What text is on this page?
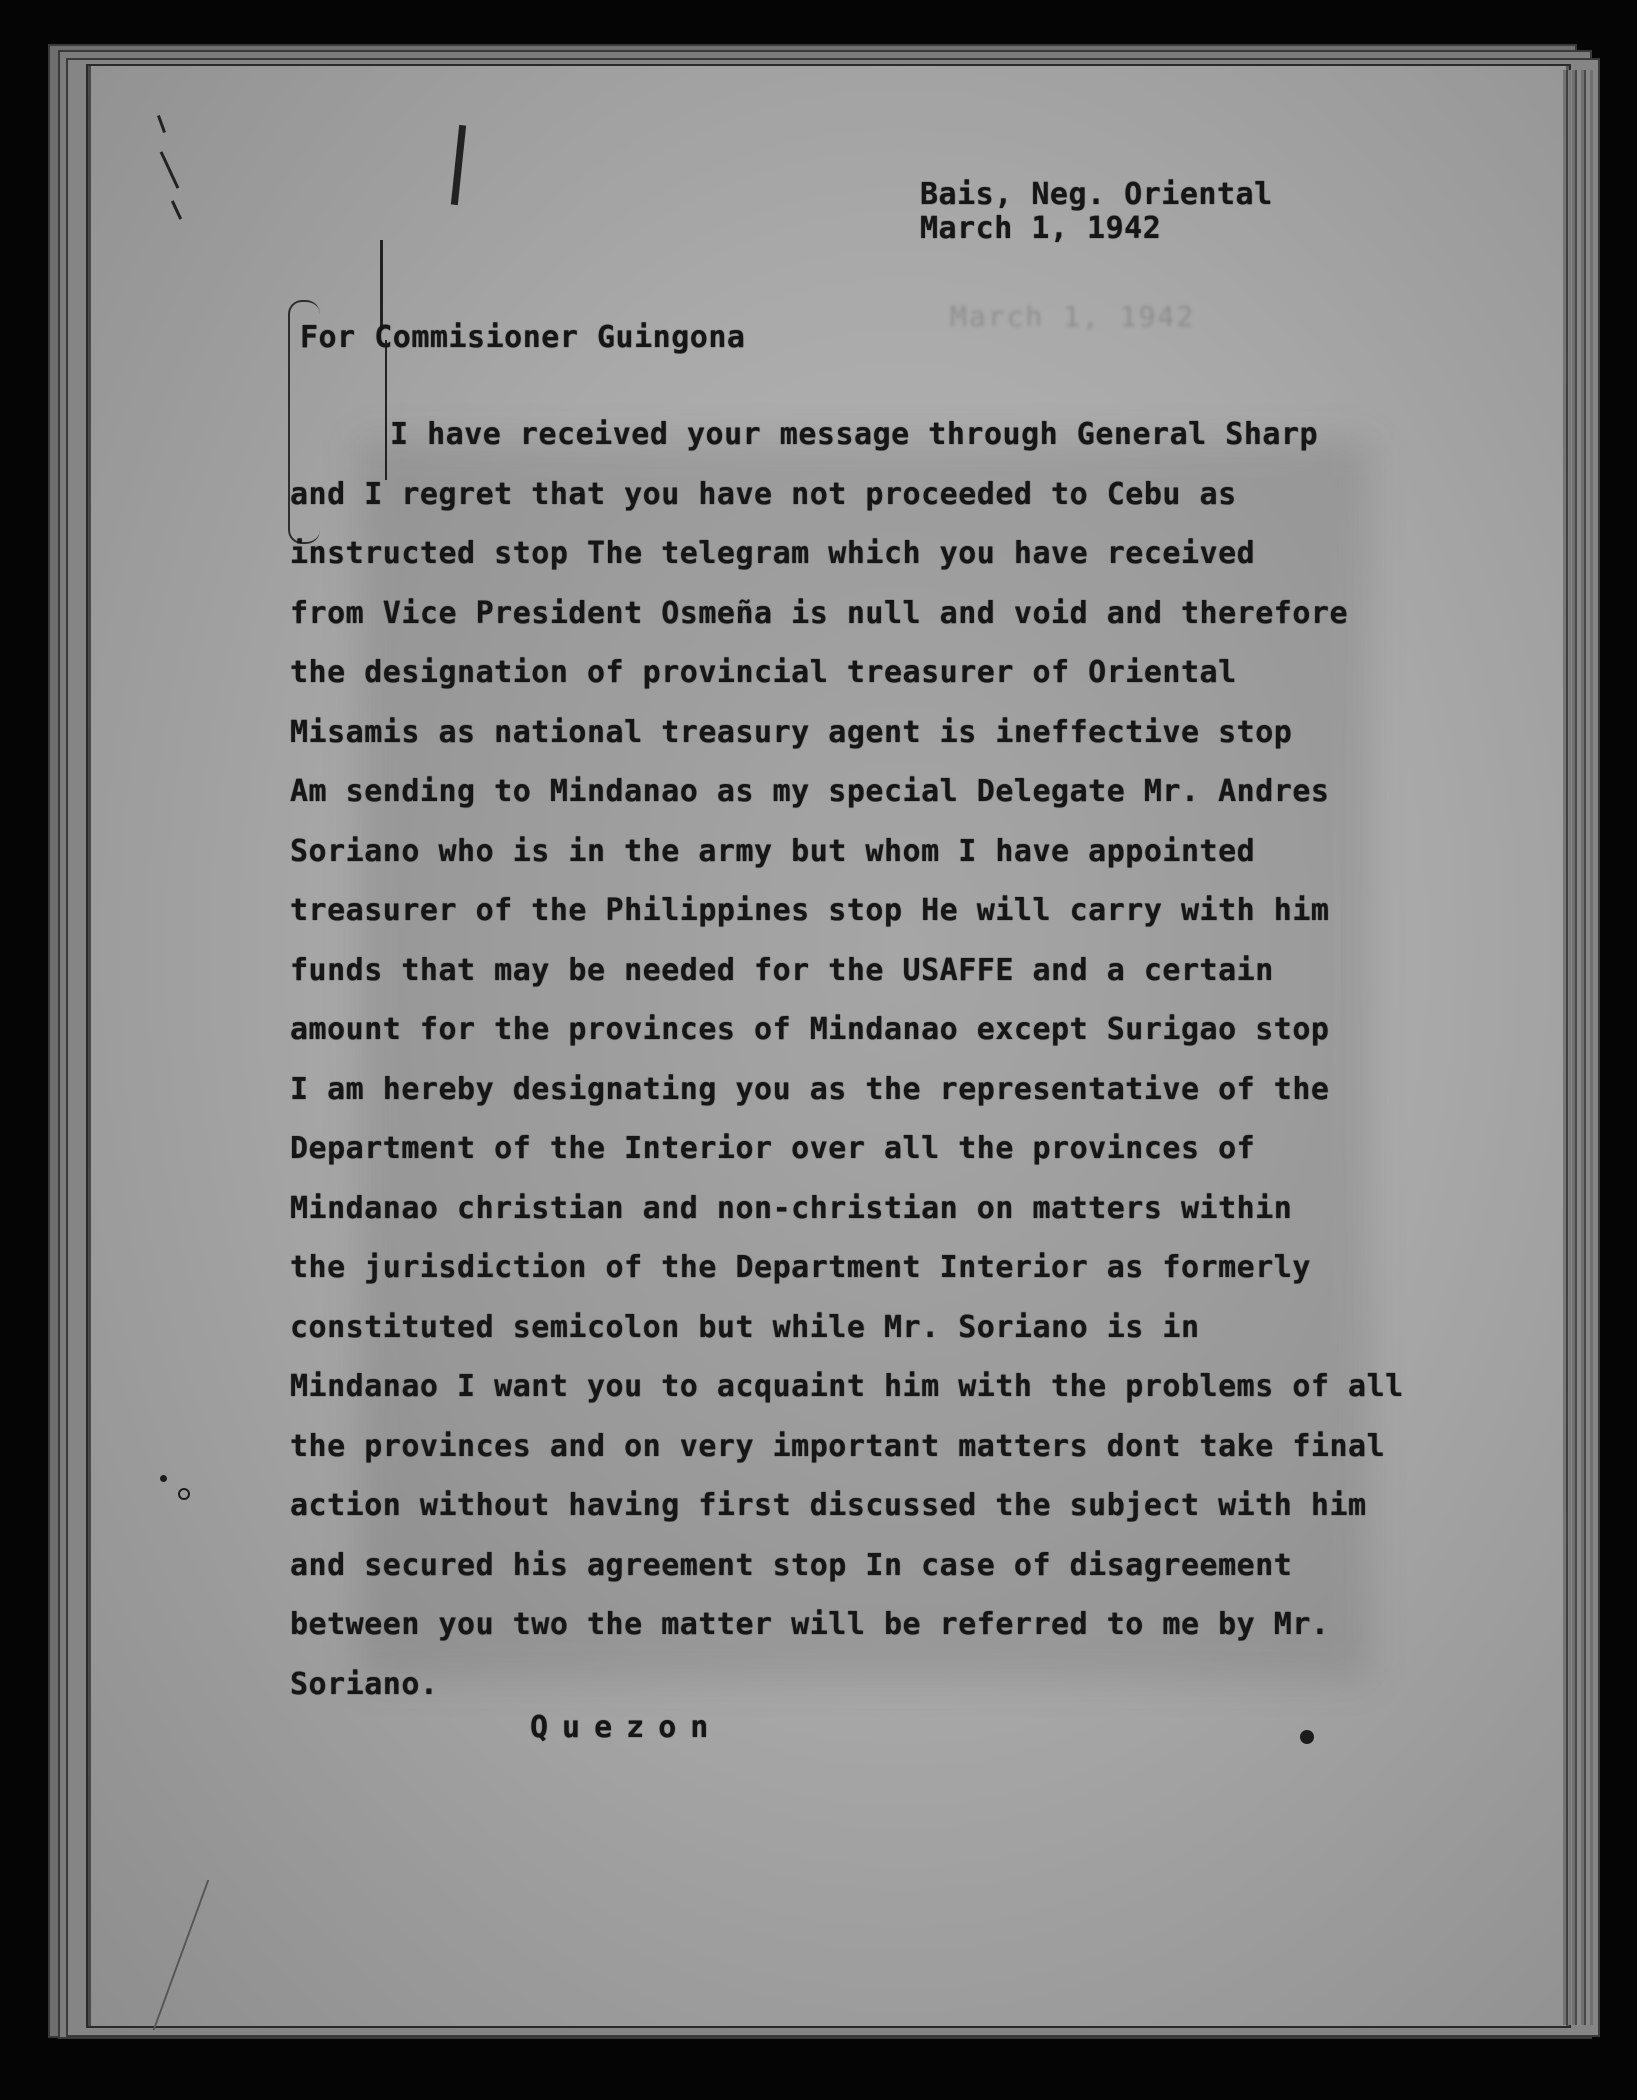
March 1, 1942
Bais, Neg. Oriental
March 1, 1942
For Commisioner Guingona
I have received your message through General Sharp
and I regret that you have not proceeded to Cebu as
instructed stop The telegram which you have received
from Vice President Osmeña is null and void and therefore
the designation of provincial treasurer of Oriental
Misamis as national treasury agent is ineffective stop
Am sending to Mindanao as my special Delegate Mr. Andres
Soriano who is in the army but whom I have appointed
treasurer of the Philippines stop He will carry with him
funds that may be needed for the USAFFE and a certain
amount for the provinces of Mindanao except Surigao stop
I am hereby designating you as the representative of the
Department of the Interior over all the provinces of
Mindanao christian and non-christian on matters within
the jurisdiction of the Department Interior as formerly
constituted semicolon but while Mr. Soriano is in
Mindanao I want you to acquaint him with the problems of all
the provinces and on very important matters dont take final
action without having first discussed the subject with him
and secured his agreement stop In case of disagreement
between you two the matter will be referred to me by Mr.
Soriano.
Quezon
